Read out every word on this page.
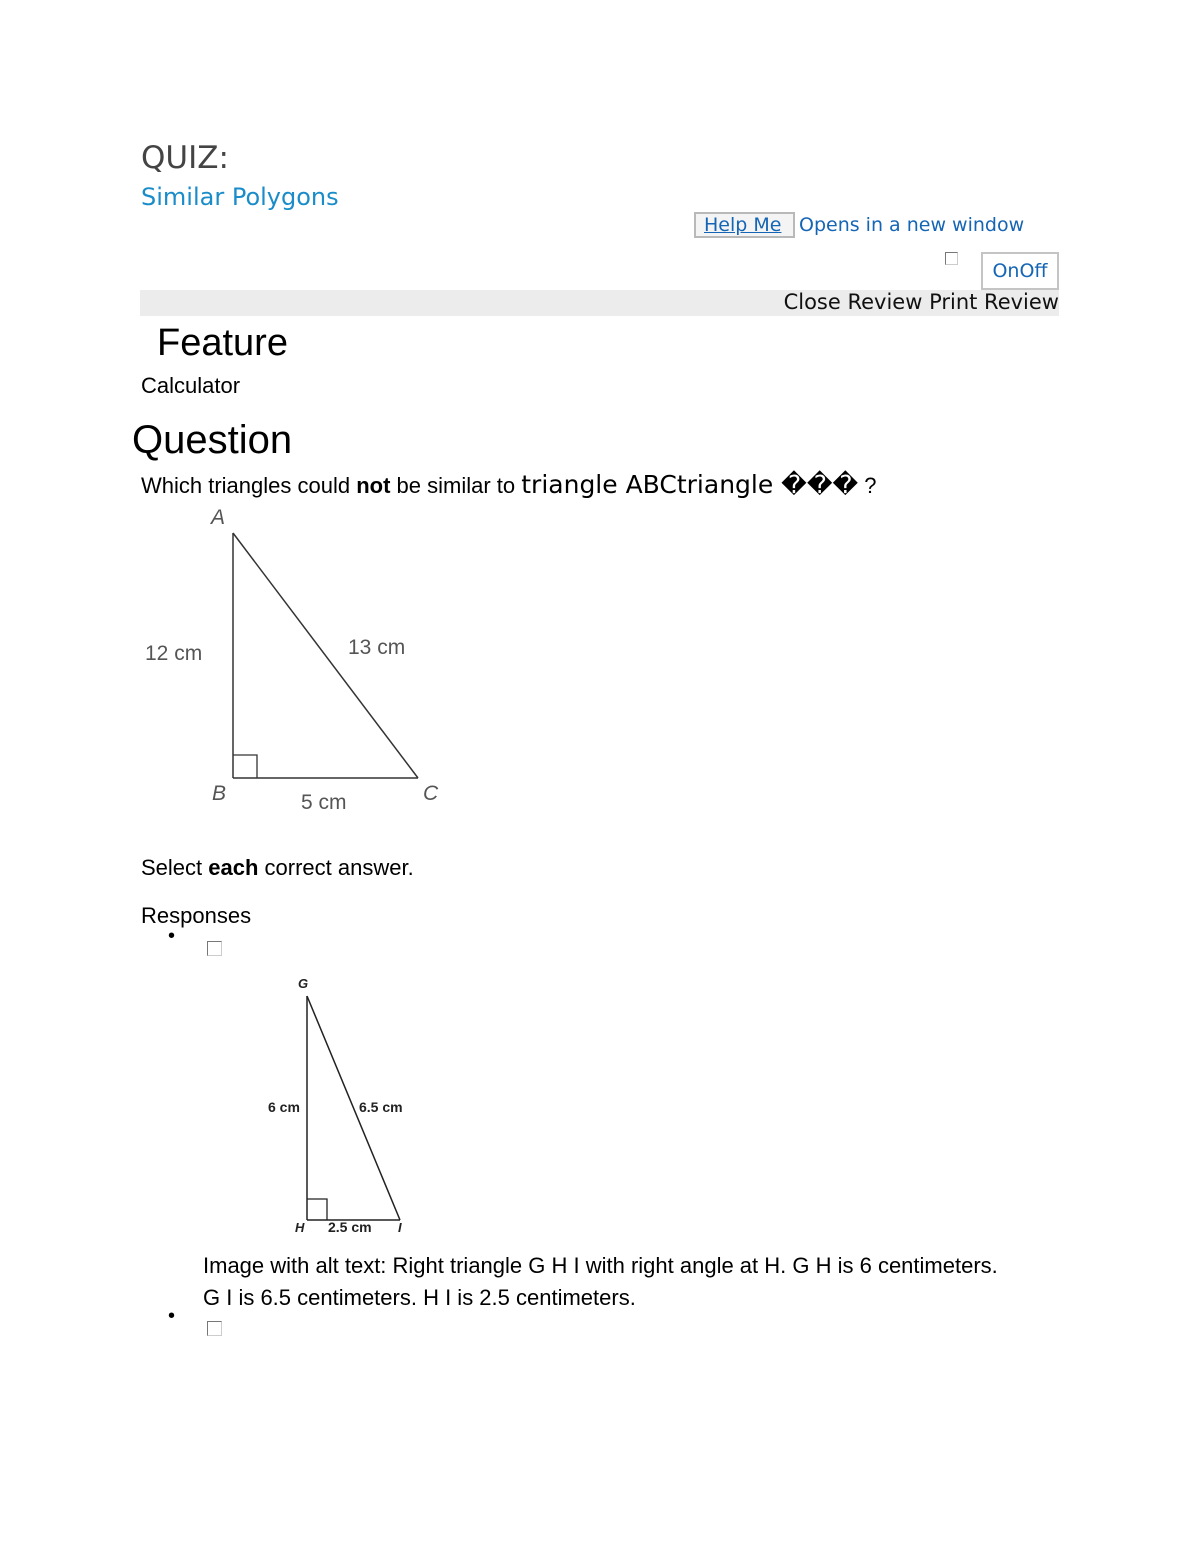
QUIZ:
Similar Polygons
Help Me Opens in a new window
OnOff
Close Review Print Review
Feature
Calculator
Question
Which triangles could not be similar to triangle ABCtriangle ��� ?
A
B	C
12 cm	13 cm
5 cm
Select each correct answer.
Responses
•
G
H	I
6 cm	6.5 cm
2.5 cm
Image with alt text: Right triangle G H I with right angle at H. G H is 6 centimeters. G I is 6.5 centimeters. H I is 2.5 centimeters.
•
